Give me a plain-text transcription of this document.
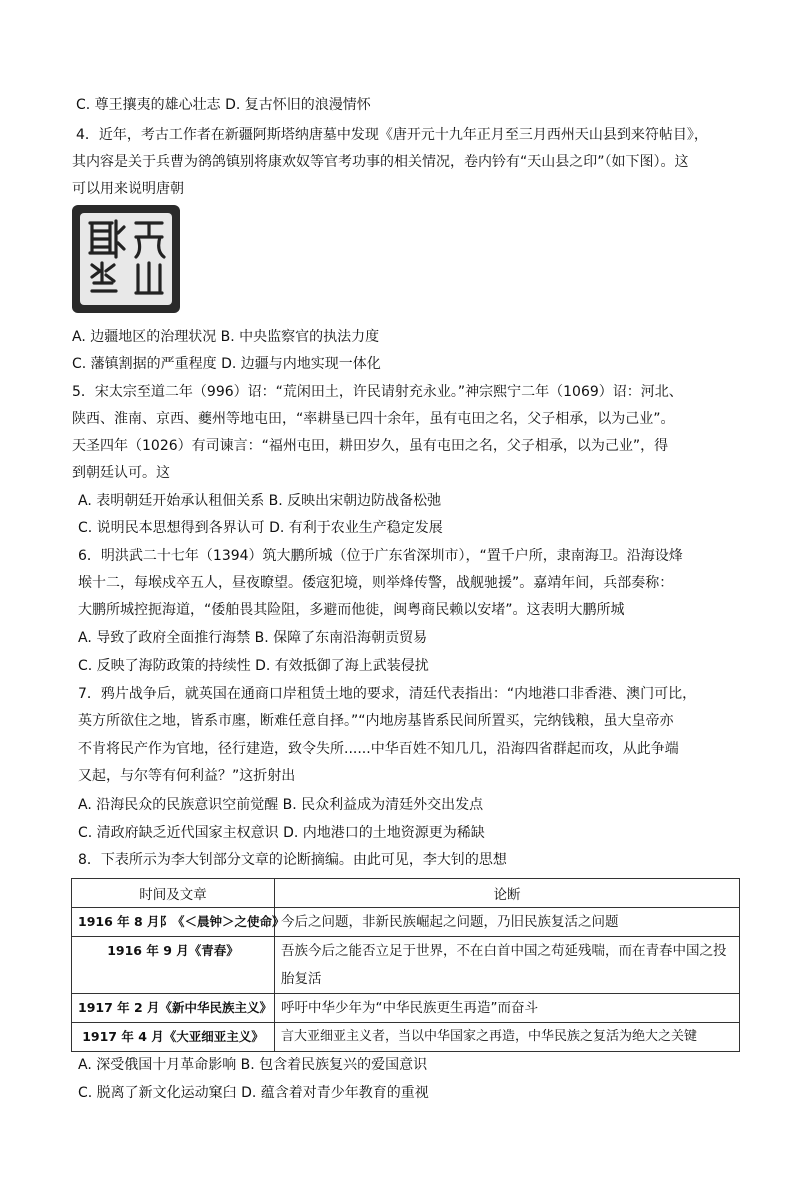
C. 尊王攘夷的雄心壮志 D. 复古怀旧的浪漫情怀
4．近年，考古工作者在新疆阿斯塔纳唐墓中发现《唐开元十九年正月至三月西州天山县到来符帖目》，
其内容是关于兵曹为鹆鸽镇别将康欢奴等官考功事的相关情况，卷内钤有“天山县之印”（如下图）。这
可以用来说明唐朝
A. 边疆地区的治理状况 B. 中央监察官的执法力度
C. 藩镇割据的严重程度 D. 边疆与内地实现一体化
5．宋太宗至道二年（996）诏：“荒闲田土，许民请射充永业。”神宗熙宁二年（1069）诏：河北、
陕西、淮南、京西、夔州等地屯田，“率耕垦已四十余年，虽有屯田之名，父子相承，以为己业”。
天圣四年（1026）有司谏言：“福州屯田，耕田岁久，虽有屯田之名，父子相承，以为己业”，得
到朝廷认可。这
A. 表明朝廷开始承认租佃关系 B. 反映出宋朝边防战备松弛
C. 说明民本思想得到各界认可 D. 有利于农业生产稳定发展
6．明洪武二十七年（1394）筑大鹏所城（位于广东省深圳市），“置千户所，隶南海卫。沿海设烽
堠十二，每堠戍卒五人，昼夜瞭望。倭寇犯境，则举烽传警，战舰驰援”。嘉靖年间，兵部奏称：
大鹏所城控扼海道，“倭舶畏其险阻，多避而他徙，闽粤商民赖以安堵”。这表明大鹏所城
A. 导致了政府全面推行海禁 B. 保障了东南沿海朝贡贸易
C. 反映了海防政策的持续性 D. 有效抵御了海上武装侵扰
7．鸦片战争后，就英国在通商口岸租赁土地的要求，清廷代表指出：“内地港口非香港、澳门可比，
英方所欲住之地，皆系市廛，断难任意自择。”“内地房基皆系民间所置买，完纳钱粮，虽大皇帝亦
不肯将民产作为官地，径行建造，致令失所......中华百姓不知几几，沿海四省群起而攻，从此争端
又起，与尔等有何利益？”这折射出
A. 沿海民众的民族意识空前觉醒 B. 民众利益成为清廷外交出发点
C. 清政府缺乏近代国家主权意识 D. 内地港口的土地资源更为稀缺
8．下表所示为李大钊部分文章的论断摘编。由此可见，李大钊的思想
时间及文章	论断
1916 年 8 月阝《＜晨钟＞之使命》	今后之问题，非新民族崛起之问题，乃旧民族复活之问题
1916 年 9 月《青春》	吾族今后之能否立足于世界，不在白首中国之苟延残喘，而在青春中国之投胎复活
1917 年 2 月《新中华民族主义》	呼吁中华少年为“中华民族更生再造”而奋斗
1917 年 4 月《大亚细亚主义》	言大亚细亚主义者，当以中华国家之再造，中华民族之复活为绝大之关键
A. 深受俄国十月革命影响 B. 包含着民族复兴的爱国意识
C. 脱离了新文化运动窠臼 D. 蕴含着对青少年教育的重视
